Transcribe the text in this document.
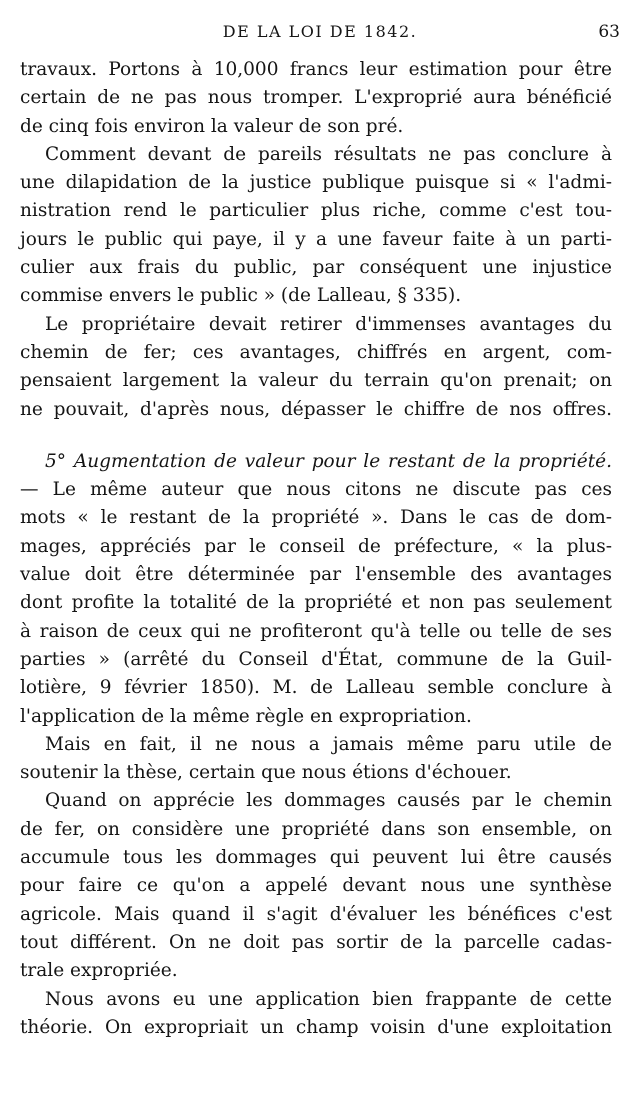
DE LA LOI DE 1842.	63
travaux. Portons à 10,000 francs leur estimation pour être
certain de ne pas nous tromper. L'exproprié aura bénéficié
de cinq fois environ la valeur de son pré.
Comment devant de pareils résultats ne pas conclure à
une dilapidation de la justice publique puisque si « l'admi-
nistration rend le particulier plus riche, comme c'est tou-
jours le public qui paye, il y a une faveur faite à un parti-
culier aux frais du public, par conséquent une injustice
commise envers le public » (de Lalleau, § 335).
Le propriétaire devait retirer d'immenses avantages du
chemin de fer; ces avantages, chiffrés en argent, com-
pensaient largement la valeur du terrain qu'on prenait; on
ne pouvait, d'après nous, dépasser le chiffre de nos offres.
5° Augmentation de valeur pour le restant de la propriété.
— Le même auteur que nous citons ne discute pas ces
mots « le restant de la propriété ». Dans le cas de dom-
mages, appréciés par le conseil de préfecture, « la plus-
value doit être déterminée par l'ensemble des avantages
dont profite la totalité de la propriété et non pas seulement
à raison de ceux qui ne profiteront qu'à telle ou telle de ses
parties » (arrêté du Conseil d'État, commune de la Guil-
lotière, 9 février 1850). M. de Lalleau semble conclure à
l'application de la même règle en expropriation.
Mais en fait, il ne nous a jamais même paru utile de
soutenir la thèse, certain que nous étions d'échouer.
Quand on apprécie les dommages causés par le chemin
de fer, on considère une propriété dans son ensemble, on
accumule tous les dommages qui peuvent lui être causés
pour faire ce qu'on a appelé devant nous une synthèse
agricole. Mais quand il s'agit d'évaluer les bénéfices c'est
tout différent. On ne doit pas sortir de la parcelle cadas-
trale expropriée.
Nous avons eu une application bien frappante de cette
théorie. On expropriait un champ voisin d'une exploitation
